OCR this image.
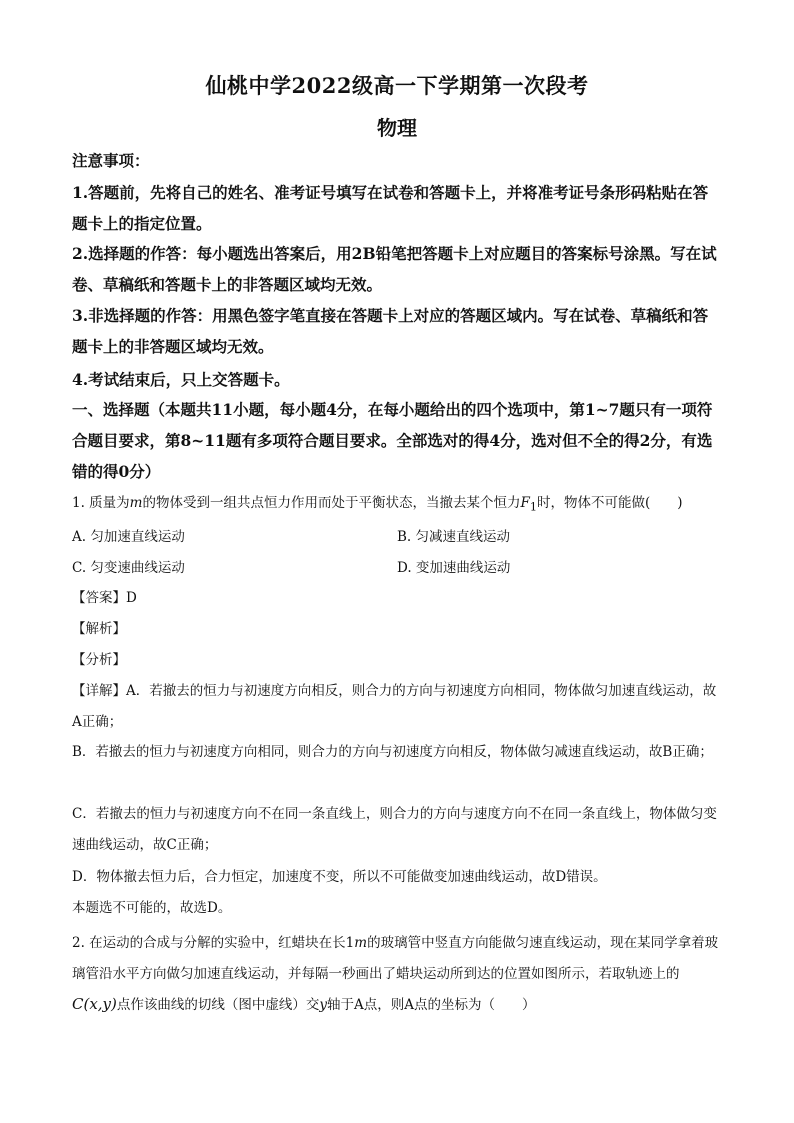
仙桃中学2022级高一下学期第一次段考
物理
注意事项：
1.答题前，先将自己的姓名、准考证号填写在试卷和答题卡上，并将准考证号条形码粘贴在答题卡上的指定位置。
2.选择题的作答：每小题选出答案后，用2B铅笔把答题卡上对应题目的答案标号涂黑。写在试卷、草稿纸和答题卡上的非答题区域均无效。
3.非选择题的作答：用黑色签字笔直接在答题卡上对应的答题区域内。写在试卷、草稿纸和答题卡上的非答题区域均无效。
4.考试结束后，只上交答题卡。
一、选择题（本题共11小题，每小题4分，在每小题给出的四个选项中，第1~7题只有一项符合题目要求，第8~11题有多项符合题目要求。全部选对的得4分，选对但不全的得2分，有选错的得0分）
1. 质量为m的物体受到一组共点恒力作用而处于平衡状态，当撤去某个恒力$F_1$时，物体不可能做(　　)
A. 匀加速直线运动	B. 匀减速直线运动
C. 匀变速曲线运动	D. 变加速曲线运动
【答案】D
【解析】
【分析】
【详解】A．若撤去的恒力与初速度方向相反，则合力的方向与初速度方向相同，物体做匀加速直线运动，故A正确；
B．若撤去的恒力与初速度方向相同，则合力的方向与初速度方向相反，物体做匀减速直线运动，故B正确；
C．若撤去的恒力与初速度方向不在同一条直线上，则合力的方向与速度方向不在同一条直线上，物体做匀变速曲线运动，故C正确；
D．物体撤去恒力后，合力恒定，加速度不变，所以不可能做变加速曲线运动，故D错误。
本题选不可能的，故选D。
2. 在运动的合成与分解的实验中，红蜡块在长1m的玻璃管中竖直方向能做匀速直线运动，现在某同学拿着玻璃管沿水平方向做匀加速直线运动，并每隔一秒画出了蜡块运动所到达的位置如图所示，若取轨迹上的C(x,y)点作该曲线的切线（图中虚线）交y轴于A点，则A点的坐标为（　　）
